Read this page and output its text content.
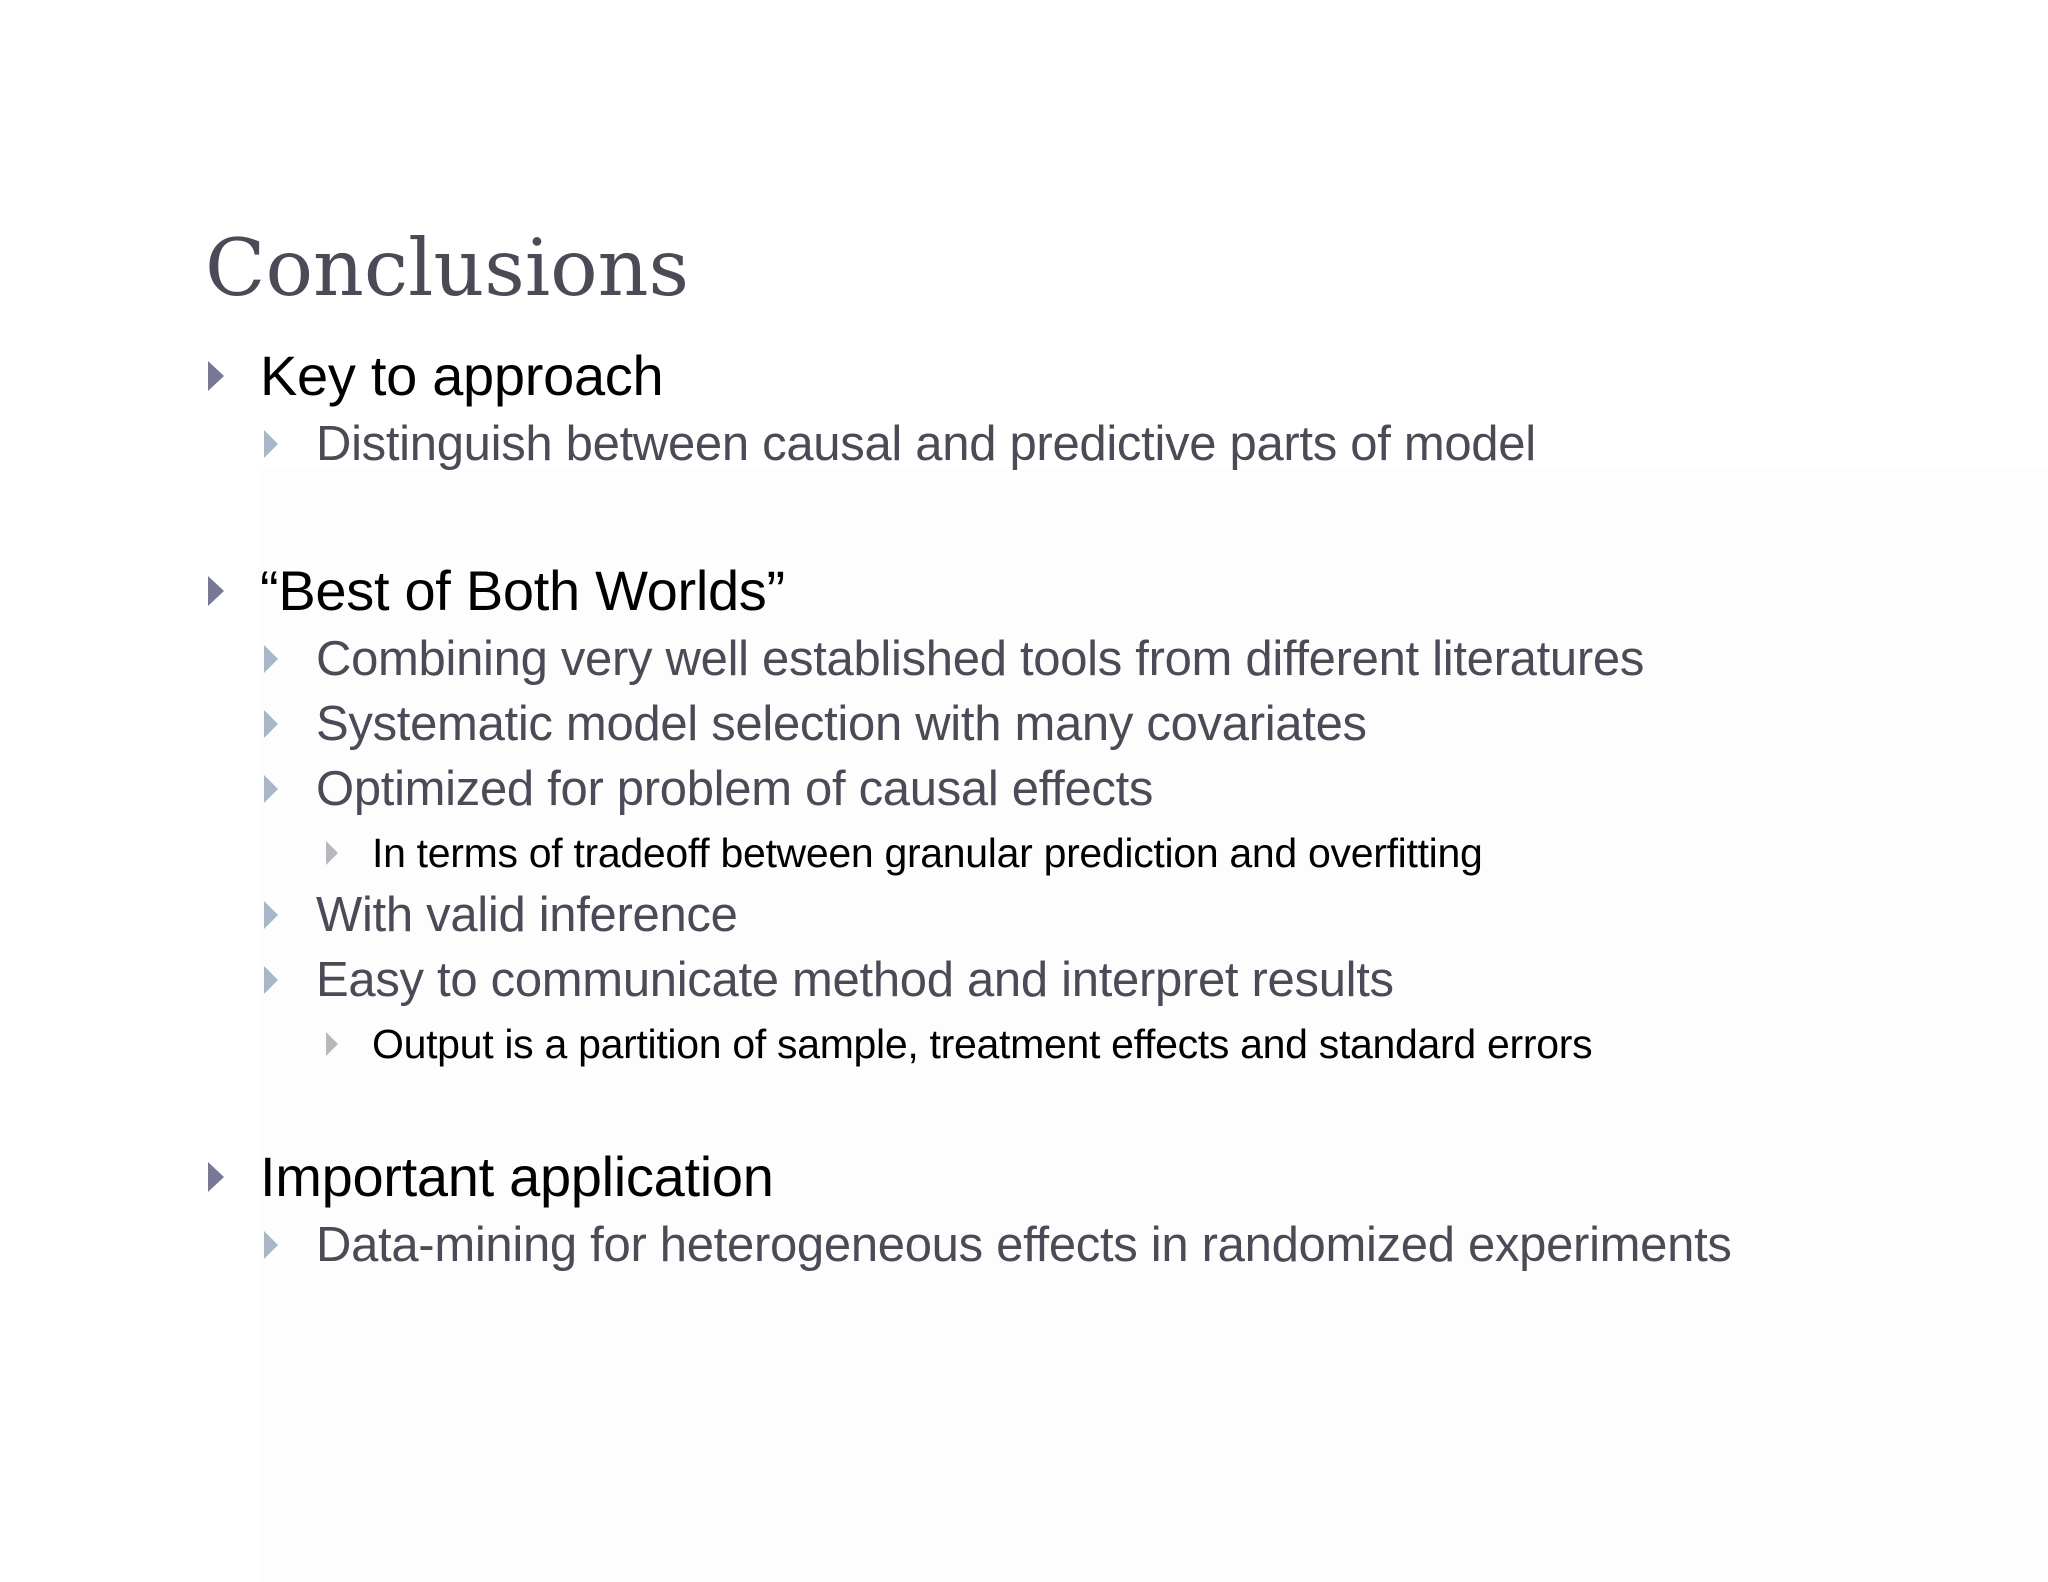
Conclusions
Key to approach
Distinguish between causal and predictive parts of model
“Best of Both Worlds”
Combining very well established tools from different literatures
Systematic model selection with many covariates
Optimized for problem of causal effects
In terms of tradeoff between granular prediction and overfitting
With valid inference
Easy to communicate method and interpret results
Output is a partition of sample, treatment effects and standard errors
Important application
Data-mining for heterogeneous effects in randomized experiments
